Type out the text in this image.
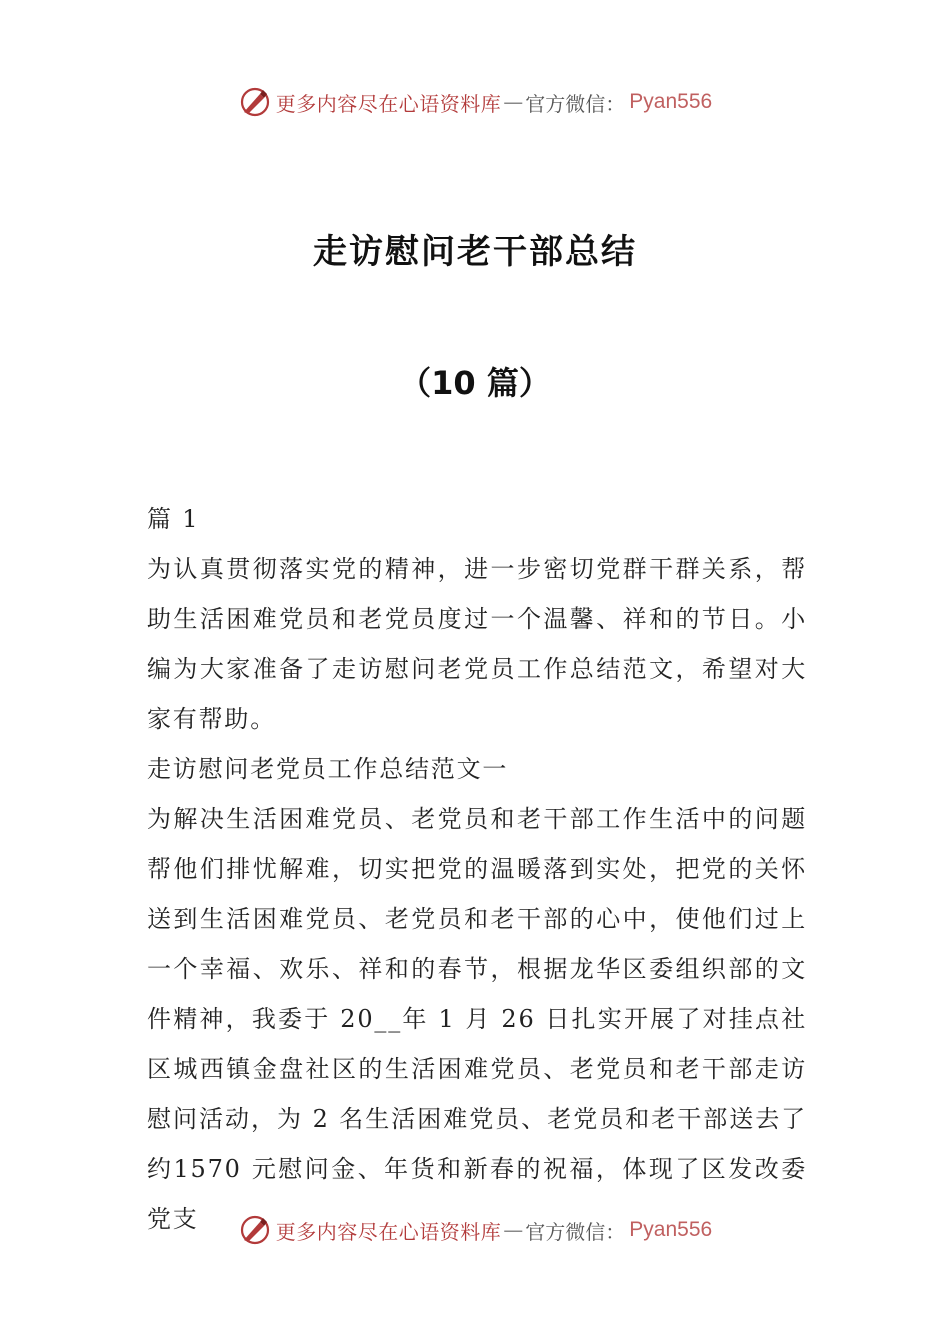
更多内容尽在心语资料库 — 官方微信： Pyan556
走访慰问老干部总结
（10 篇）

篇 1

为认真贯彻落实党的精神，进一步密切党群干群关系，帮助生活困难党员和老党员度过一个温馨、祥和的节日。小编为大家准备了走访慰问老党员工作总结范文，希望对大家有帮助。

走访慰问老党员工作总结范文一

为解决生活困难党员、老党员和老干部工作生活中的问题帮他们排忧解难，切实把党的温暖落到实处，把党的关怀送到生活困难党员、老党员和老干部的心中，使他们过上一个幸福、欢乐、祥和的春节，根据龙华区委组织部的文件精神，我委于 20__年 1 月 26 日扎实开展了对挂点社区城西镇金盘社区的生活困难党员、老党员和老干部走访慰问活动，为 2 名生活困难党员、老党员和老干部送去了约1570 元慰问金、年货和新春的祝福，体现了区发改委党支	更多内容尽在心语资料库 — 官方微信： Pyan556
